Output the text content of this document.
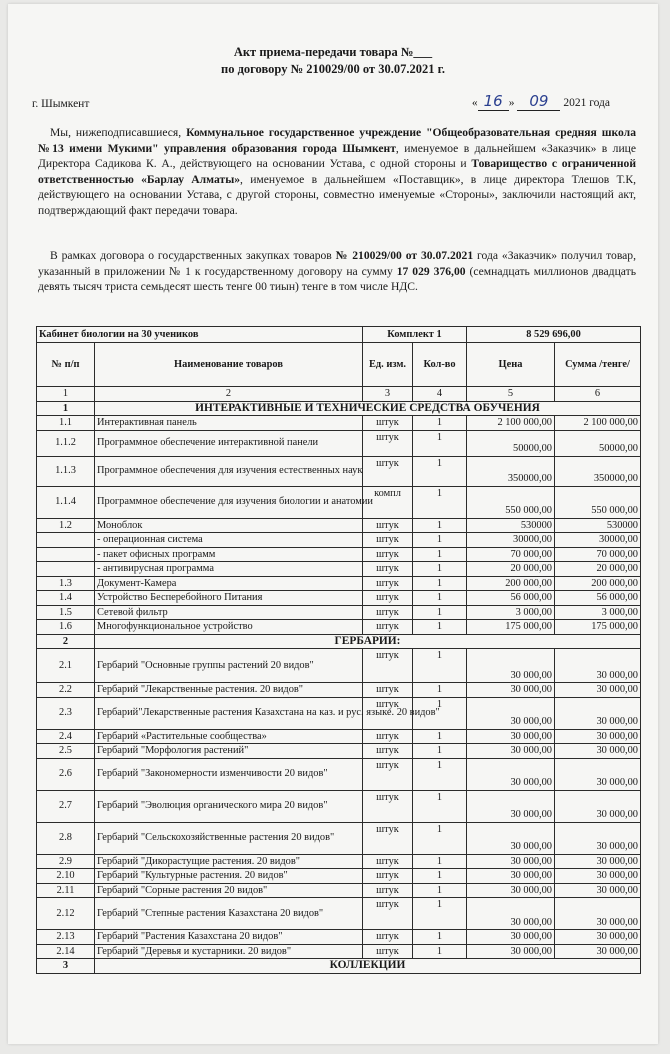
Акт приема-передачи товара №___
по договору № 210029/00 от 30.07.2021 г.
г. Шымкент	« 16 » 09 2021 года
Мы, нижеподписавшиеся, Коммунальное государственное учреждение "Общеобразовательная средняя школа №13 имени Мукими" управления образования города Шымкент, именуемое в дальнейшем «Заказчик» в лице Директора Садикова К. А., действующего на основании Устава, с одной стороны и Товарищество с ограниченной ответственностью «Барлау Алматы», именуемое в дальнейшем «Поставщик», в лице директора Тлешов Т.К, действующего на основании Устава, с другой стороны, совместно именуемые «Стороны», заключили настоящий акт, подтверждающий факт передачи товара.
В рамках договора о государственных закупках товаров № 210029/00 от 30.07.2021 года «Заказчик» получил товар, указанный в приложении № 1 к государственному договору на сумму 17 029 376,00 (семнадцать миллионов двадцать девять тысяч триста семьдесят шесть тенге 00 тиын) тенге в том числе НДС.
Кабинет биологии на 30 учеников		Комплект 1		8 529 696,00	
№ п/п	Наименование товаров	Ед. изм.	Кол-во	Цена	Сумма /тенге/
1	2	3	4	5	6
1	ИНТЕРАКТИВНЫЕ И ТЕХНИЧЕСКИЕ СРЕДСТВА ОБУЧЕНИЯ				
1.1	Интерактивная панель	штук	1	2 100 000,00	2 100 000,00
1.1.2	Программное обеспечение интерактивной панели	штук	1	50000,00	50000,00
1.1.3	Программное обеспечения для изучения естественных наук	штук	1	350000,00	350000,00
1.1.4	Программное обеспечение для изучения биологии и анатомии	компл	1	550 000,00	550 000,00
1.2	Моноблок	штук	1	530000	530000
	- операционная система	штук	1	30000,00	30000,00
	- пакет офисных программ	штук	1	70 000,00	70 000,00
	- антивирусная программа	штук	1	20 000,00	20 000,00
1.3	Документ-Камера	штук	1	200 000,00	200 000,00
1.4	Устройство Бесперебойного Питания	штук	1	56 000,00	56 000,00
1.5	Сетевой фильтр	штук	1	3 000,00	3 000,00
1.6	Многофункциональное устройство	штук	1	175 000,00	175 000,00
2	ГЕРБАРИИ:				
2.1	Гербарий "Основные группы растений 20 видов"	штук	1	30 000,00	30 000,00
2.2	Гербарий "Лекарственные растения. 20 видов"	штук	1	30 000,00	30 000,00
2.3	Гербарий"Лекарственные растения Казахстана на каз. и рус. языке. 20 видов"	штук	1	30 000,00	30 000,00
2.4	Гербарий «Растительные сообщества»	штук	1	30 000,00	30 000,00
2.5	Гербарий "Морфология растений"	штук	1	30 000,00	30 000,00
2.6	Гербарий "Закономерности изменчивости 20 видов"	штук	1	30 000,00	30 000,00
2.7	Гербарий "Эволюция органического мира 20 видов"	штук	1	30 000,00	30 000,00
2.8	Гербарий "Сельскохозяйственные растения 20 видов"	штук	1	30 000,00	30 000,00
2.9	Гербарий "Дикорастущие растения. 20 видов"	штук	1	30 000,00	30 000,00
2.10	Гербарий "Культурные растения. 20 видов"	штук	1	30 000,00	30 000,00
2.11	Гербарий "Сорные растения 20 видов"	штук	1	30 000,00	30 000,00
2.12	Гербарий "Степные растения Казахстана 20 видов"	штук	1	30 000,00	30 000,00
2.13	Гербарий "Растения Казахстана 20 видов"	штук	1	30 000,00	30 000,00
2.14	Гербарий "Деревья и кустарники. 20 видов"	штук	1	30 000,00	30 000,00
3	КОЛЛЕКЦИИ				
